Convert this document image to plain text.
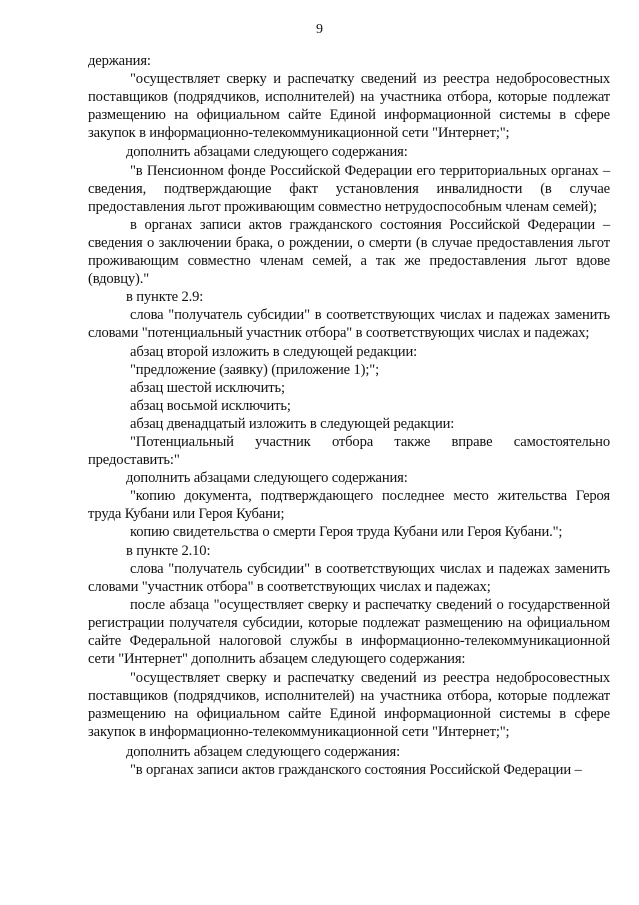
9

держания:

"осуществляет сверку и распечатку сведений из реестра недобросовестных поставщиков (подрядчиков, исполнителей) на участника отбора, которые подлежат размещению на официальном сайте Единой информационной системы в сфере закупок в информационно-телекоммуникационной сети "Интернет;";

дополнить абзацами следующего содержания:

"в Пенсионном фонде Российской Федерации его территориальных органах – сведения, подтверждающие факт установления инвалидности (в случае предоставления льгот проживающим совместно нетрудоспособным членам семей);

в органах записи актов гражданского состояния Российской Федерации – сведения о заключении брака, о рождении, о смерти (в случае предоставления льгот проживающим совместно членам семей, а так же предоставления льгот вдове (вдовцу)."

в пункте 2.9:

слова "получатель субсидии" в соответствующих числах и падежах заменить словами "потенциальный участник отбора" в соответствующих числах и падежах;

абзац второй изложить в следующей редакции:

"предложение (заявку) (приложение 1);";

абзац шестой исключить;

абзац восьмой исключить;

абзац двенадцатый изложить в следующей редакции:

"Потенциальный участник отбора также вправе самостоятельно предоставить:"

дополнить абзацами следующего содержания:

"копию документа, подтверждающего последнее место жительства Героя труда Кубани или Героя Кубани;

копию свидетельства о смерти Героя труда Кубани или Героя Кубани.";

в пункте 2.10:

слова "получатель субсидии" в соответствующих числах и падежах заменить словами "участник отбора" в соответствующих числах и падежах;

после абзаца "осуществляет сверку и распечатку сведений о государственной регистрации получателя субсидии, которые подлежат размещению на официальном сайте Федеральной налоговой службы в информационно-телекоммуникационной сети "Интернет" дополнить абзацем следующего содержания:

"осуществляет сверку и распечатку сведений из реестра недобросовестных поставщиков (подрядчиков, исполнителей) на участника отбора, которые подлежат размещению на официальном сайте Единой информационной системы в сфере закупок в информационно-телекоммуникационной сети "Интернет;";

дополнить абзацем следующего содержания:

"в органах записи актов гражданского состояния Российской Федерации –
